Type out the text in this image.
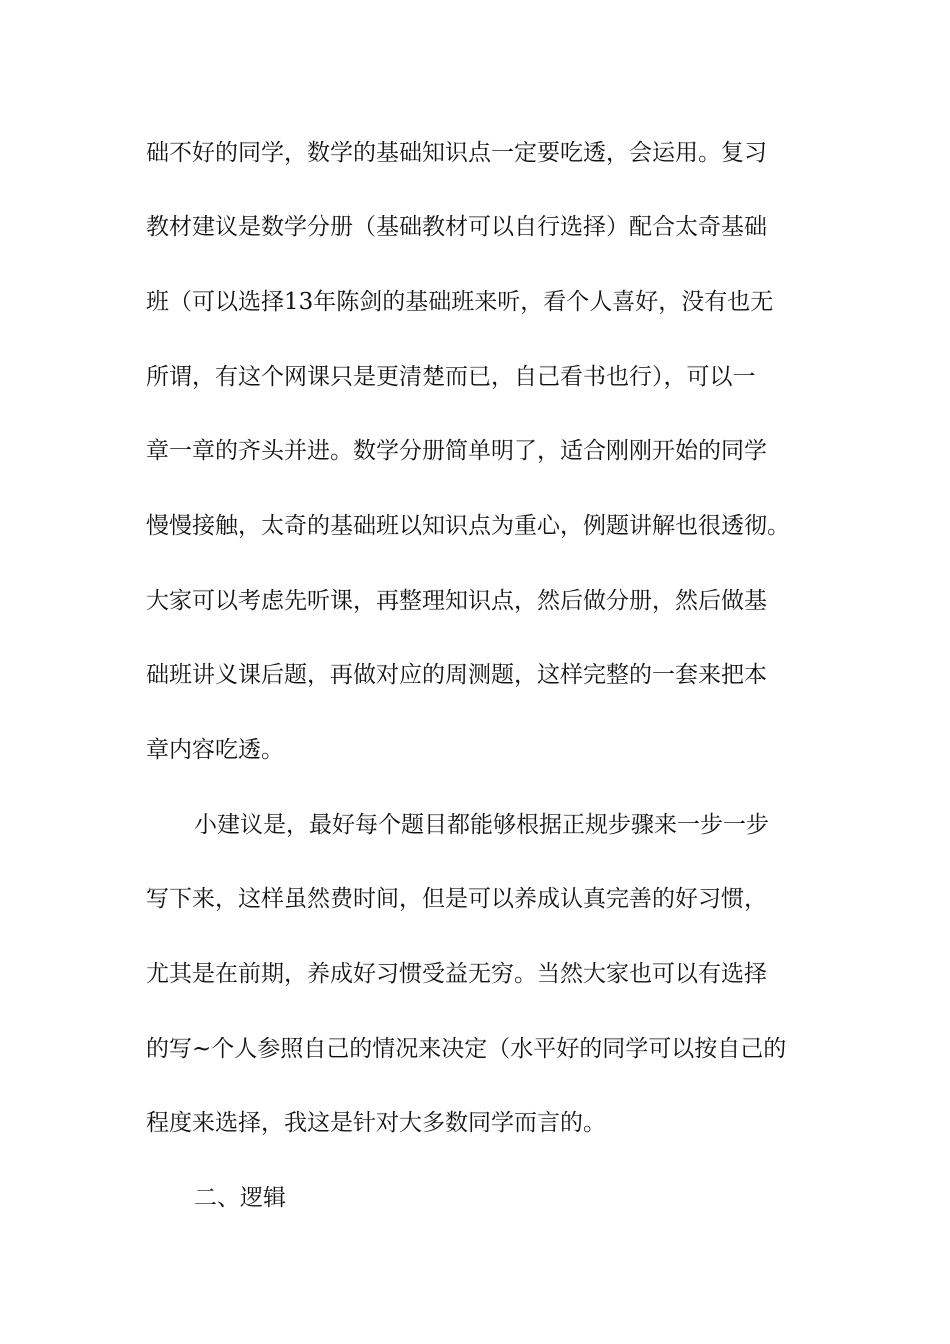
础不好的同学，数学的基础知识点一定要吃透，会运用。复习
教材建议是数学分册（基础教材可以自行选择）配合太奇基础
班（可以选择13年陈剑的基础班来听，看个人喜好，没有也无
所谓，有这个网课只是更清楚而已，自己看书也行），可以一
章一章的齐头并进。数学分册简单明了，适合刚刚开始的同学
慢慢接触，太奇的基础班以知识点为重心，例题讲解也很透彻。
大家可以考虑先听课，再整理知识点，然后做分册，然后做基
础班讲义课后题，再做对应的周测题，这样完整的一套来把本
章内容吃透。
小建议是，最好每个题目都能够根据正规步骤来一步一步
写下来，这样虽然费时间，但是可以养成认真完善的好习惯，
尤其是在前期，养成好习惯受益无穷。当然大家也可以有选择
的写~个人参照自己的情况来决定（水平好的同学可以按自己的
程度来选择，我这是针对大多数同学而言的。
二、逻辑
